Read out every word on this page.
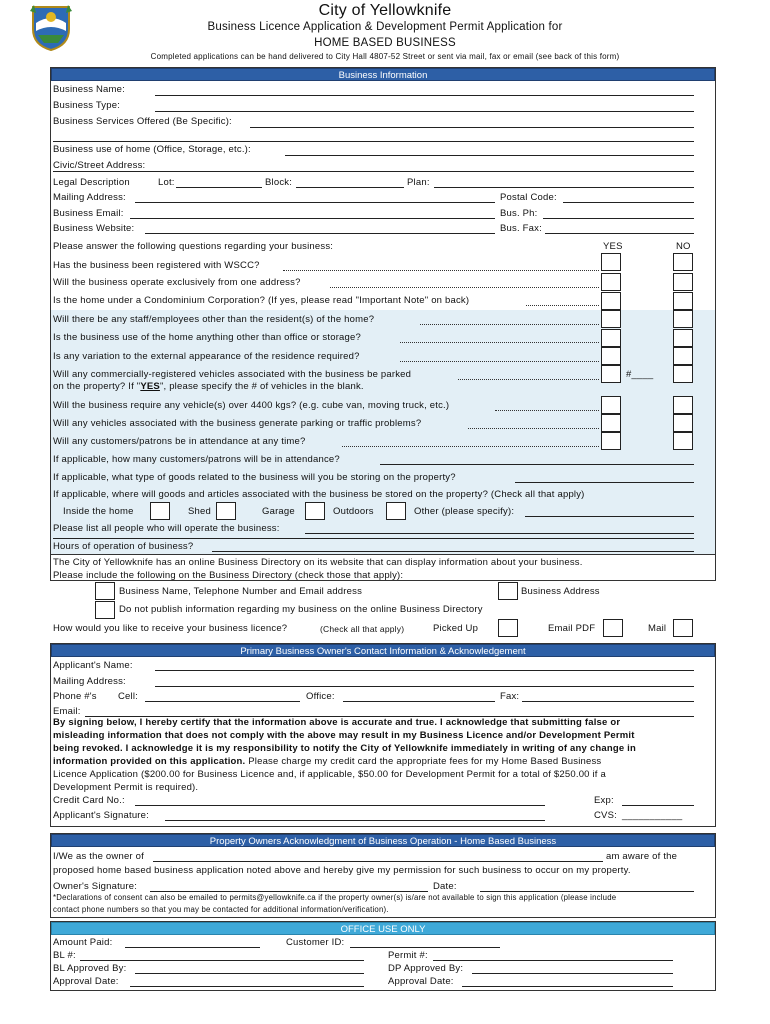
City of Yellowknife
Business Licence Application & Development Permit Application for
HOME BASED BUSINESS
Completed applications can be hand delivered to City Hall 4807-52 Street or sent via mail, fax or email (see back of this form)
Business Information
Business Name:
Business Type:
Business Services Offered (Be Specific):
Business use of home (Office, Storage, etc.):
Civic/Street Address:
Legal Description	Lot:	Block:	Plan:
Mailing Address:	Postal Code:
Business Email:	Bus. Ph:
Business Website:	Bus. Fax:
Please answer the following questions regarding your business:	YES	NO
Has the business been registered with WSCC?
Will the business operate exclusively from one address?
Is the home under a Condominium Corporation? (If yes, please read "Important Note" on back)
Will there be any staff/employees other than the resident(s) of the home?
Is the business use of the home anything other than office or storage?
Is any variation to the external appearance of the residence required?
Will any commercially-registered vehicles associated with the business be parked
on the property? If "YES", please specify the # of vehicles in the blank.
#____
Will the business require any vehicle(s) over 4400 kgs? (e.g. cube van, moving truck, etc.)
Will any vehicles associated with the business generate parking or traffic problems?
Will any customers/patrons be in attendance at any time?
If applicable, how many customers/patrons will be in attendance?
If applicable, what type of goods related to the business will you be storing on the property?
If applicable, where will goods and articles associated with the business be stored on the property? (Check all that apply)
Inside the home	Shed	Garage	Outdoors	Other (please specify):
Please list all people who will operate the business:
Hours of operation of business?
The City of Yellowknife has an online Business Directory on its website that can display information about your business.
Please include the following on the Business Directory (check those that apply):
Business Name, Telephone Number and Email address	Business Address
Do not publish information regarding my business on the online Business Directory
How would you like to receive your business licence?	(Check all that apply)	Picked Up	Email PDF	Mail
Primary Business Owner's Contact Information & Acknowledgement
Applicant's Name:
Mailing Address:
Phone #'s Cell:	Office:	Fax:
Email:
By signing below, I hereby certify that the information above is accurate and true. I acknowledge that submitting false or
misleading information that does not comply with the above may result in my Business Licence and/or Development Permit
being revoked. I acknowledge it is my responsibility to notify the City of Yellowknife immediately in writing of any change in
information provided on this application. Please charge my credit card the appropriate fees for my Home Based Business
Licence Application ($200.00 for Business Licence and, if applicable, $50.00 for Development Permit for a total of $250.00 if a
Development Permit is required).
Credit Card No.:	Exp:
Applicant's Signature:	CVS: ___________
Property Owners Acknowledgment of Business Operation - Home Based Business
I/We as the owner of	am aware of the
proposed home based business application noted above and hereby give my permission for such business to occur on my property.
Owner's Signature:	Date:
*Declarations of consent can also be emailed to permits@yellowknife.ca if the property owner(s) is/are not available to sign this application (please include
contact phone numbers so that you may be contacted for additional information/verification).
OFFICE USE ONLY
Amount Paid:	Customer ID:
BL #:	Permit #:
BL Approved By:	DP Approved By:
Approval Date:	Approval Date:
